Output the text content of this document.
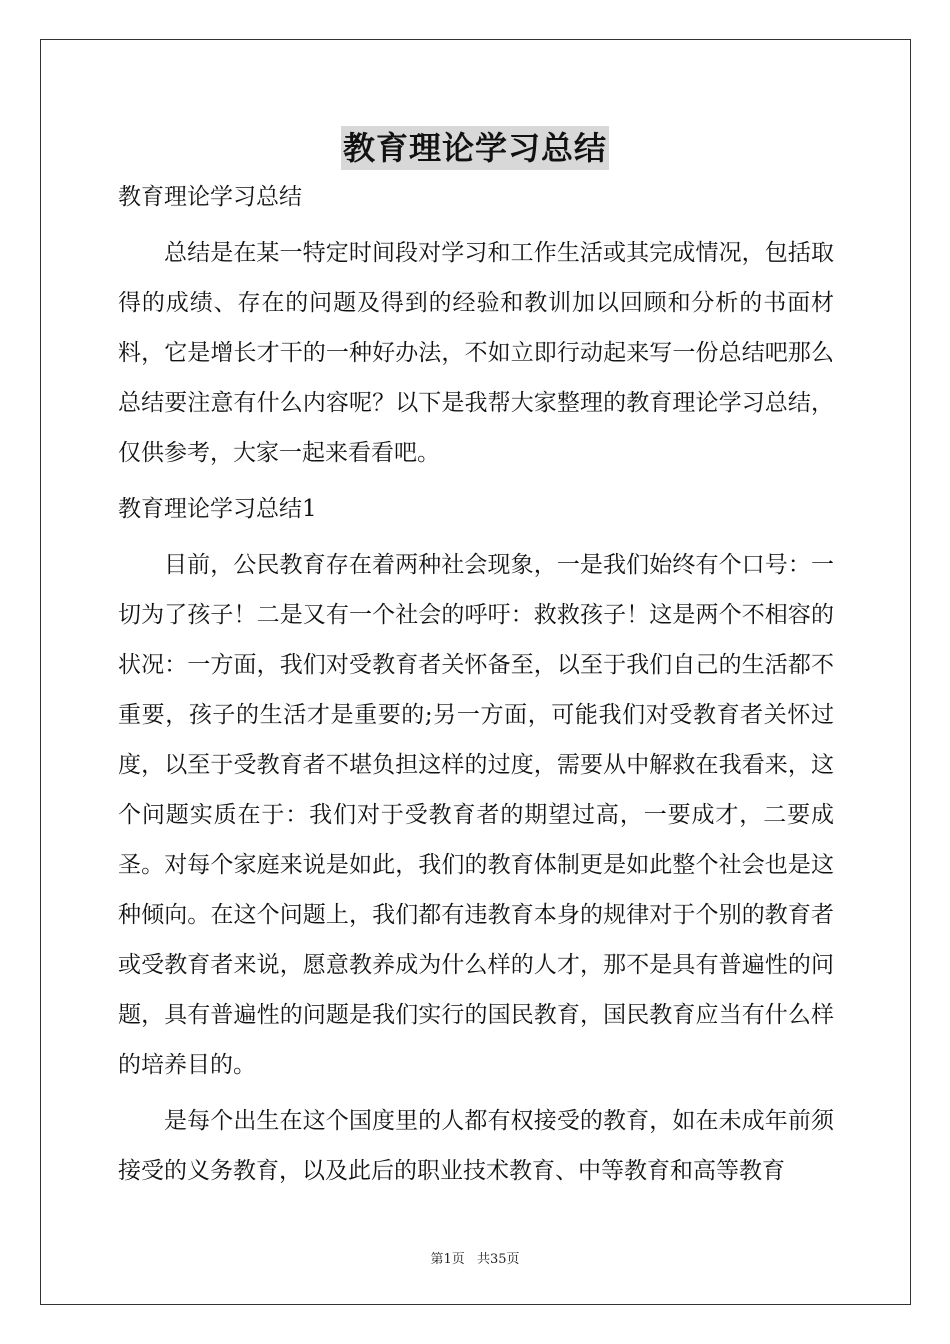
教育理论学习总结

教育理论学习总结

总结是在某一特定时间段对学习和工作生活或其完成情况，包括取得的成绩、存在的问题及得到的经验和教训加以回顾和分析的书面材料，它是增长才干的一种好办法，不如立即行动起来写一份总结吧那么总结要注意有什么内容呢？以下是我帮大家整理的教育理论学习总结，仅供参考，大家一起来看看吧。

教育理论学习总结1

目前，公民教育存在着两种社会现象，一是我们始终有个口号：一切为了孩子！二是又有一个社会的呼吁：救救孩子！这是两个不相容的状况：一方面，我们对受教育者关怀备至，以至于我们自己的生活都不重要，孩子的生活才是重要的;另一方面，可能我们对受教育者关怀过度，以至于受教育者不堪负担这样的过度，需要从中解救在我看来，这个问题实质在于：我们对于受教育者的期望过高，一要成才，二要成圣。对每个家庭来说是如此，我们的教育体制更是如此整个社会也是这种倾向。在这个问题上，我们都有违教育本身的规律对于个别的教育者或受教育者来说，愿意教养成为什么样的人才，那不是具有普遍性的问题，具有普遍性的问题是我们实行的国民教育，国民教育应当有什么样的培养目的。

是每个出生在这个国度里的人都有权接受的教育，如在未成年前须接受的义务教育，以及此后的职业技术教育、中等教育和高等教育

第1页 共35页
